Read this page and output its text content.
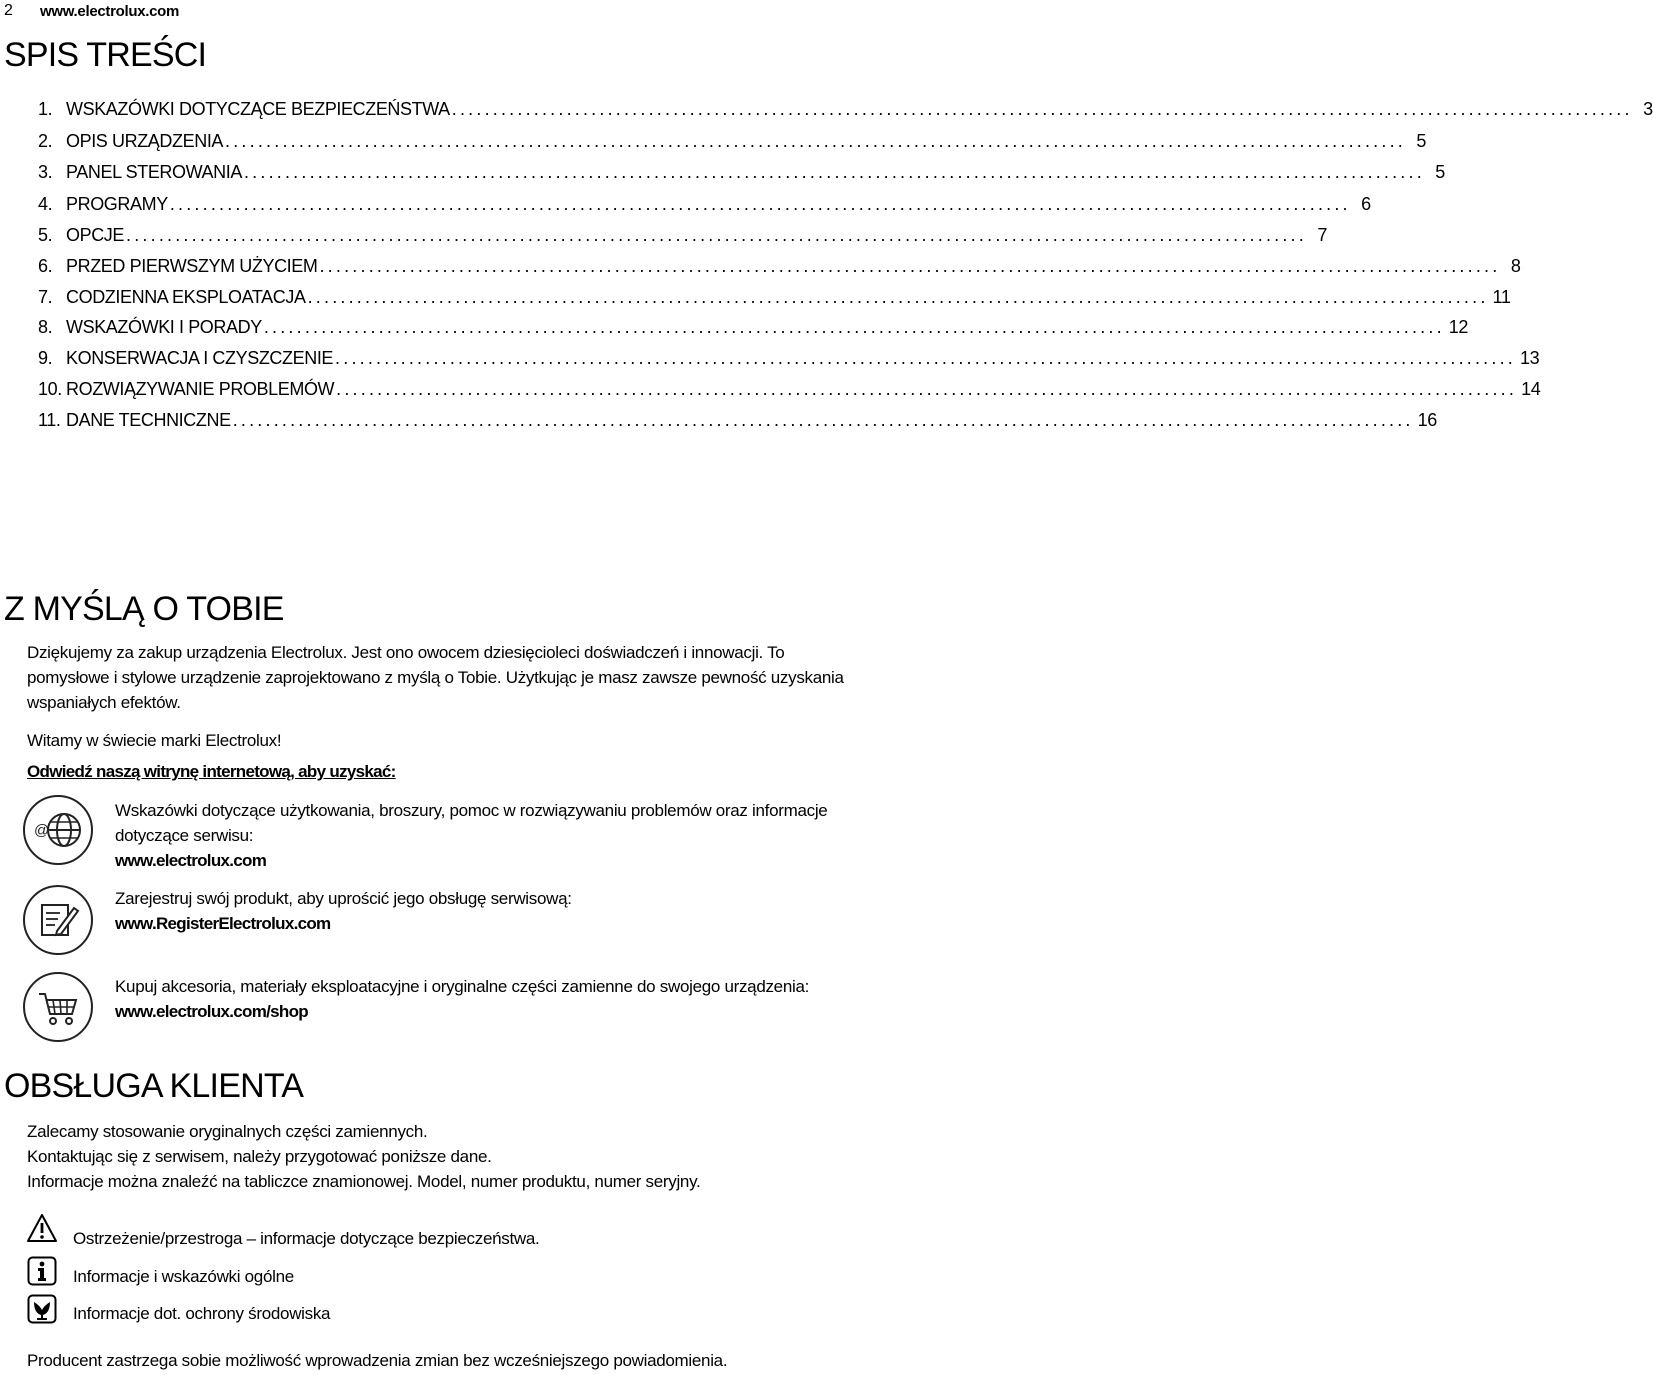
2 www.electrolux.com
SPIS TREŚCI
1. WSKAZÓWKI DOTYCZĄCE BEZPIECZEŃSTWA ................................................................................................................................................ 3
2. OPIS URZĄDZENIA ................................................................................................................................................ 5
3. PANEL STEROWANIA ................................................................................................................................................ 5
4. PROGRAMY ................................................................................................................................................ 6
5. OPCJE ................................................................................................................................................ 7
6. PRZED PIERWSZYM UŻYCIEM ................................................................................................................................................ 8
7. CODZIENNA EKSPLOATACJA ................................................................................................................................................ 11
8. WSKAZÓWKI I PORADY ................................................................................................................................................ 12
9. KONSERWACJA I CZYSZCZENIE ................................................................................................................................................ 13
10. ROZWIĄZYWANIE PROBLEMÓW ................................................................................................................................................ 14
11. DANE TECHNICZNE ................................................................................................................................................ 16
Z MYŚLĄ O TOBIE
Dziękujemy za zakup urządzenia Electrolux. Jest ono owocem dziesięcioleci doświadczeń i innowacji. To
pomysłowe i stylowe urządzenie zaprojektowano z myślą o Tobie. Użytkując je masz zawsze pewność uzyskania
wspaniałych efektów.
Witamy w świecie marki Electrolux!
Odwiedź naszą witrynę internetową, aby uzyskać:
@
Wskazówki dotyczące użytkowania, broszury, pomoc w rozwiązywaniu problemów oraz informacje
dotyczące serwisu:
www.electrolux.com
Zarejestruj swój produkt, aby uprościć jego obsługę serwisową:
www.RegisterElectrolux.com
Kupuj akcesoria, materiały eksploatacyjne i oryginalne części zamienne do swojego urządzenia:
www.electrolux.com/shop
OBSŁUGA KLIENTA
Zalecamy stosowanie oryginalnych części zamiennych.
Kontaktując się z serwisem, należy przygotować poniższe dane.
Informacje można znaleźć na tabliczce znamionowej. Model, numer produktu, numer seryjny.
Ostrzeżenie/przestroga – informacje dotyczące bezpieczeństwa.
Informacje i wskazówki ogólne
Informacje dot. ochrony środowiska
Producent zastrzega sobie możliwość wprowadzenia zmian bez wcześniejszego powiadomienia.
